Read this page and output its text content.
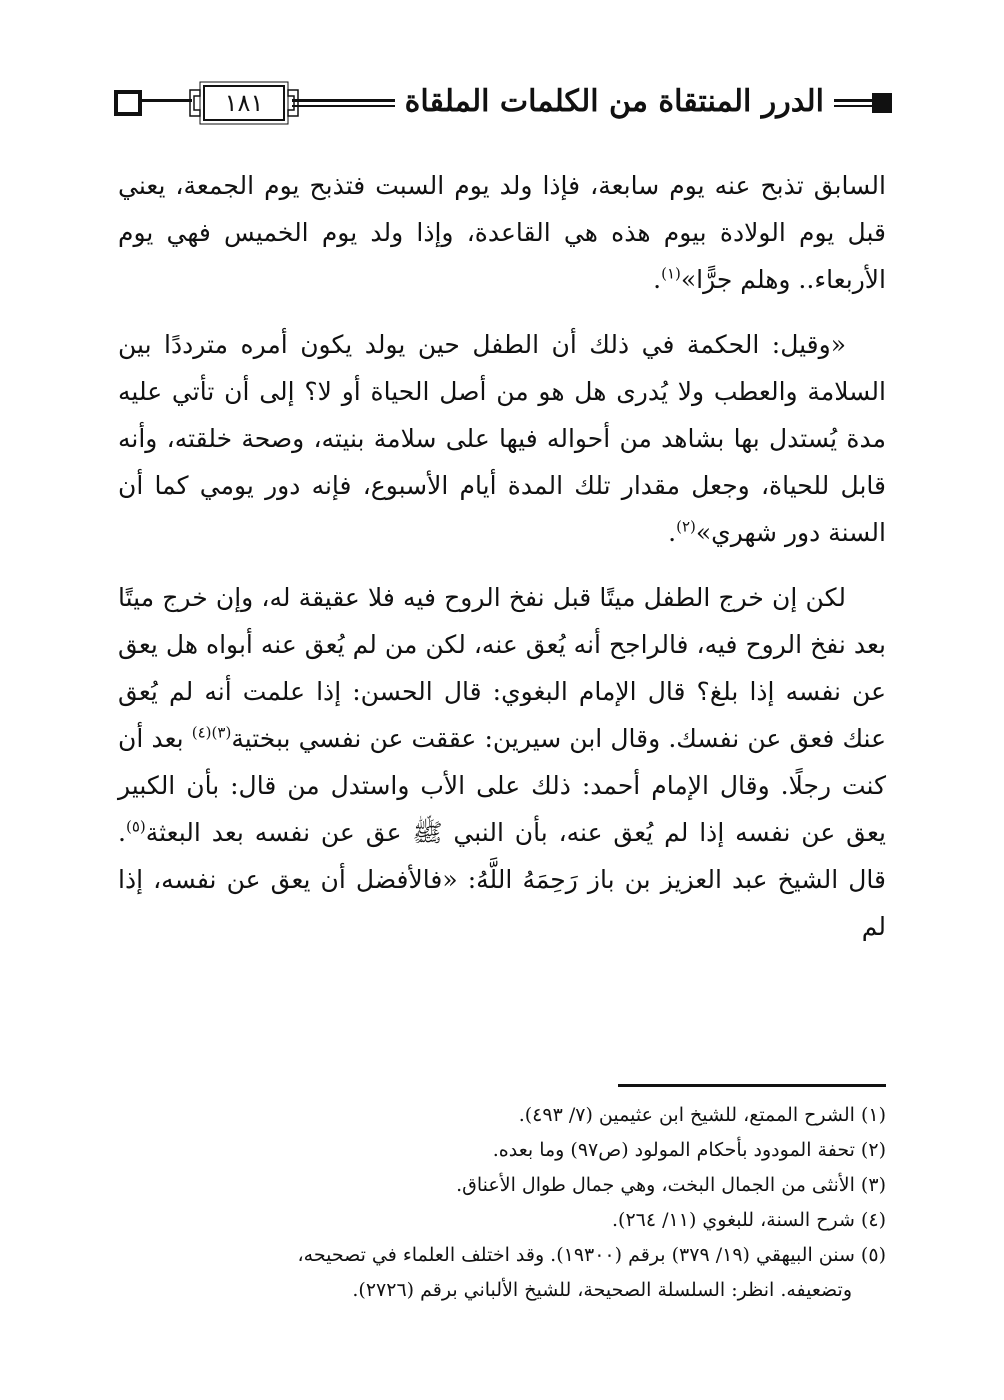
الدرر المنتقاة من الكلمات الملقاة
١٨١

السابق تذبح عنه يوم سابعة، فإذا ولد يوم السبت فتذبح يوم الجمعة، يعني قبل يوم الولادة بيوم هذه هي القاعدة، وإذا ولد يوم الخميس فهي يوم الأربعاء.. وهلم جرًّا»$^{(١)}$.

«وقيل: الحكمة في ذلك أن الطفل حين يولد يكون أمره مترددًا بين السلامة والعطب ولا يُدرى هل هو من أصل الحياة أو لا؟ إلى أن تأتي عليه مدة يُستدل بها بشاهد من أحواله فيها على سلامة بنيته، وصحة خلقته، وأنه قابل للحياة، وجعل مقدار تلك المدة أيام الأسبوع، فإنه دور يومي كما أن السنة دور شهري»$^{(٢)}$.

لكن إن خرج الطفل ميتًا قبل نفخ الروح فيه فلا عقيقة له، وإن خرج ميتًا بعد نفخ الروح فيه، فالراجح أنه يُعق عنه، لكن من لم يُعق عنه أبواه هل يعق عن نفسه إذا بلغ؟ قال الإمام البغوي: قال الحسن: إذا علمت أنه لم يُعق عنك فعق عن نفسك. وقال ابن سيرين: عققت عن نفسي ببختية$^{(٣)(٤)}$ بعد أن كنت رجلًا. وقال الإمام أحمد: ذلك على الأب واستدل من قال: بأن الكبير يعق عن نفسه إذا لم يُعق عنه، بأن النبي ﷺ عق عن نفسه بعد البعثة$^{(٥)}$. قال الشيخ عبد العزيز بن باز رَحِمَهُ اللَّهُ: «فالأفضل أن يعق عن نفسه، إذا لم

(١) الشرح الممتع، للشيخ ابن عثيمين (٧/ ٤٩٣).

(٢) تحفة المودود بأحكام المولود (ص٩٧) وما بعده.

(٣) الأنثى من الجمال البخت، وهي جمال طوال الأعناق.

(٤) شرح السنة، للبغوي (١١/ ٢٦٤).

(٥) سنن البيهقي (١٩/ ٣٧٩) برقم (١٩٣٠٠). وقد اختلف العلماء في تصحيحه،

وتضعيفه. انظر: السلسلة الصحيحة، للشيخ الألباني برقم (٢٧٢٦).
